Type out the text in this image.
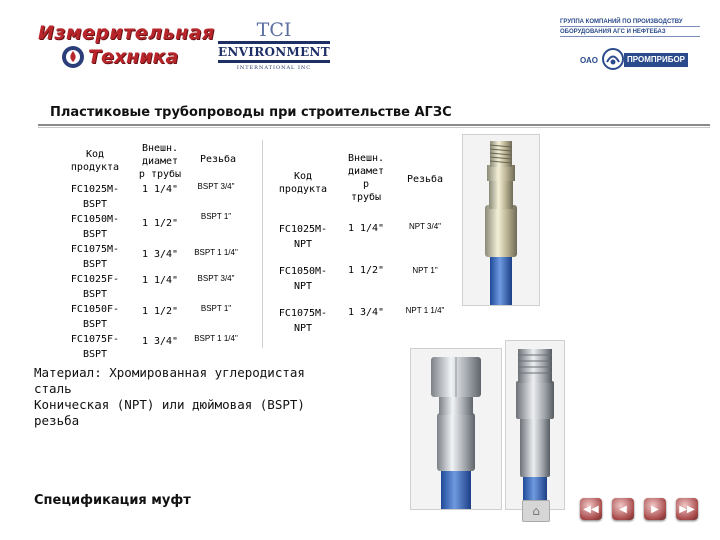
Измерительная
Техника
TCI
ENVIRONMENT
INTERNATIONAL INC
ГРУППА КОМПАНИЙ ПО ПРОИЗВОДСТВУ
ОБОРУДОВАНИЯ АГС И НЕФТЕБАЗ
ОАО	ПРОМПРИБОР
Пластиковые трубопроводы при строительстве АГЗС
Код
продукта
Внешн.
диамет
р трубы
Резьба
FC1025M-
BSPT
1 1/4"	BSPT 3/4"
FC1050M-
BSPT
1 1/2"
BSPT 1"
FC1075M-
BSPT
1 3/4"	BSPT 1 1/4"
FC1025F-
BSPT
1 1/4"	BSPT 3/4"
FC1050F-
BSPT
1 1/2"	BSPT 1"
FC1075F-
BSPT
1 3/4"	BSPT 1 1/4"
Код
продукта
Внешн.
диамет
р
трубы
Резьба
FC1025M-
NPT
1 1/4"	NPT 3/4"
FC1050M-
NPT
1 1/2"	NPT 1"
FC1075M-
NPT
1 3/4"	NPT 1 1/4"
Материал: Хромированная углеродистая
сталь
Коническая (NPT) или дюймовая (BSPT)
резьба
Спецификация муфт
⌂	◀◀ ◀ ▶ ▶▶
